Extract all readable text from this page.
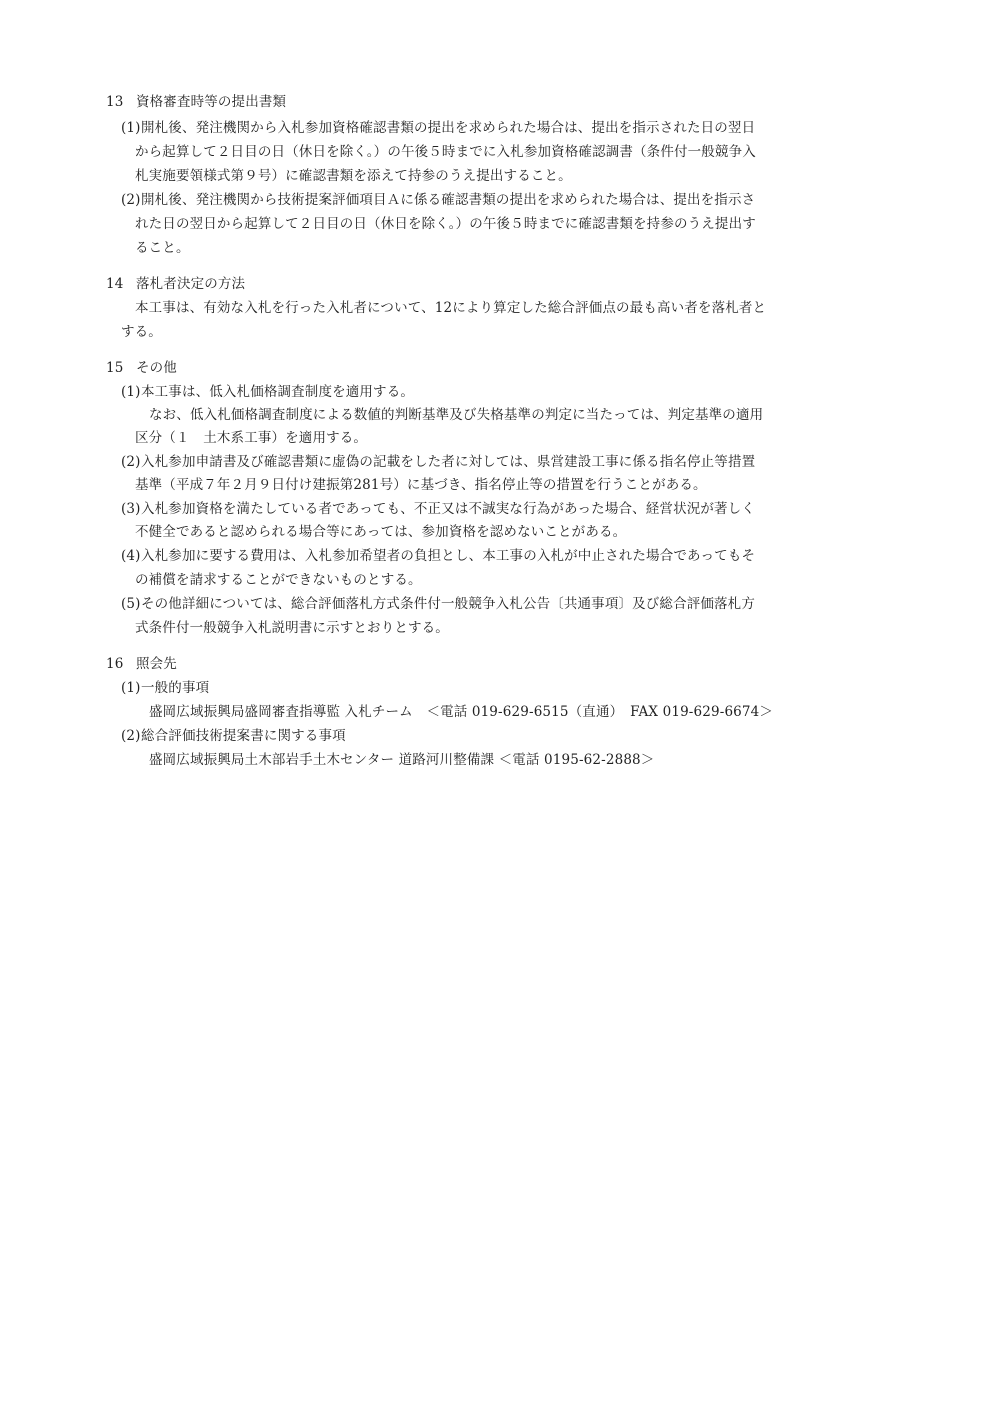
13 資格審査時等の提出書類
(1)開札後、発注機関から入札参加資格確認書類の提出を求められた場合は、提出を指示された日の翌日
から起算して２日目の日（休日を除く。）の午後５時までに入札参加資格確認調書（条件付一般競争入
札実施要領様式第９号）に確認書類を添えて持参のうえ提出すること。
(2)開札後、発注機関から技術提案評価項目Ａに係る確認書類の提出を求められた場合は、提出を指示さ
れた日の翌日から起算して２日目の日（休日を除く。）の午後５時までに確認書類を持参のうえ提出す
ること。
14 落札者決定の方法
本工事は、有効な入札を行った入札者について、12により算定した総合評価点の最も高い者を落札者と
する。
15 その他
(1)本工事は、低入札価格調査制度を適用する。
なお、低入札価格調査制度による数値的判断基準及び失格基準の判定に当たっては、判定基準の適用
区分（１　土木系工事）を適用する。
(2)入札参加申請書及び確認書類に虚偽の記載をした者に対しては、県営建設工事に係る指名停止等措置
基準（平成７年２月９日付け建振第281号）に基づき、指名停止等の措置を行うことがある。
(3)入札参加資格を満たしている者であっても、不正又は不誠実な行為があった場合、経営状況が著しく
不健全であると認められる場合等にあっては、参加資格を認めないことがある。
(4)入札参加に要する費用は、入札参加希望者の負担とし、本工事の入札が中止された場合であってもそ
の補償を請求することができないものとする。
(5)その他詳細については、総合評価落札方式条件付一般競争入札公告〔共通事項〕及び総合評価落札方
式条件付一般競争入札説明書に示すとおりとする。
16 照会先
(1)一般的事項
盛岡広域振興局盛岡審査指導監 入札チーム　＜電話 019-629-6515（直通）　FAX 019-629-6674＞
(2)総合評価技術提案書に関する事項
盛岡広域振興局土木部岩手土木センター 道路河川整備課 ＜電話 0195-62-2888＞
